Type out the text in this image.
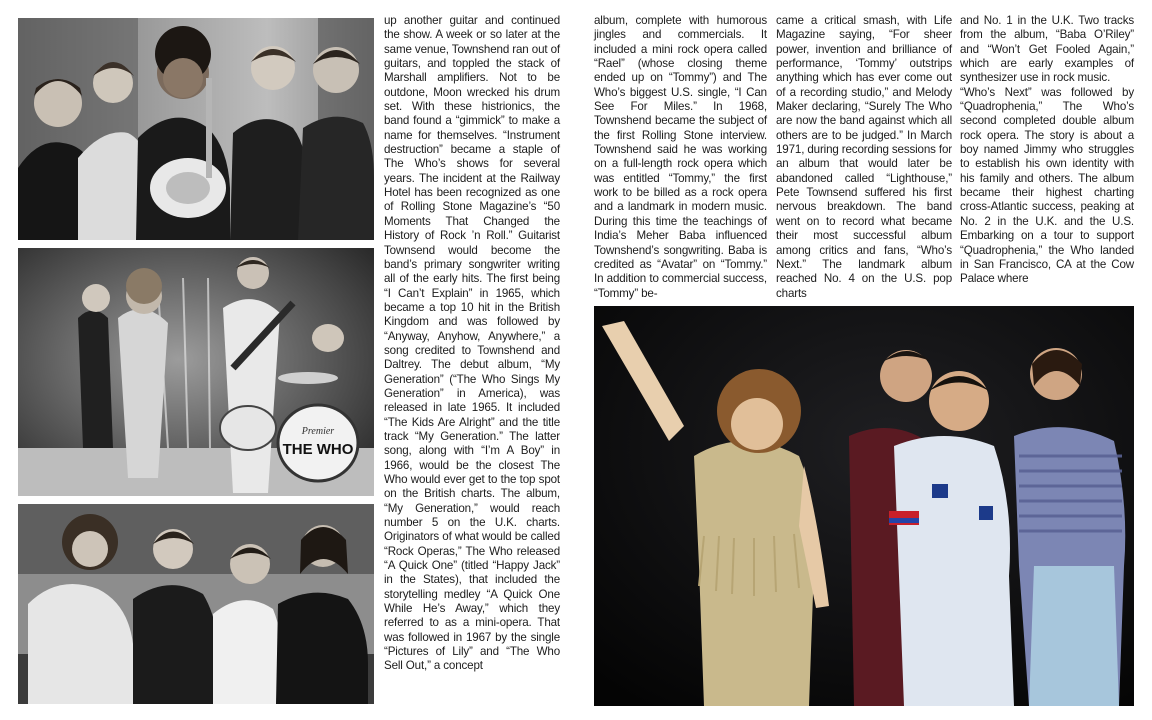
Premier
THE WHO

up another guitar and continued the show. A week or so later at the same venue, Townshend ran out of guitars, and toppled the stack of Marshall amplifiers. Not to be outdone, Moon wrecked his drum set. With these histrionics, the band found a “gimmick” to make a name for themselves. “Instrument destruction” became a staple of The Who’s shows for several years. The incident at the Railway Hotel has been recognized as one of Rolling Stone Magazine’s “50 Moments That Changed the History of Rock ’n Roll.” Guitarist Townsend would become the band’s primary songwriter writing all of the early hits. The first being “I Can’t Explain” in 1965, which became a top 10 hit in the British Kingdom and was followed by “Anyway, Anyhow, Anywhere,” a song credited to Townshend and Daltrey. The debut album, “My Generation” (“The Who Sings My Generation” in America), was released in late 1965. It included “The Kids Are Alright” and the title track “My Generation.” The latter song, along with “I’m A Boy” in 1966, would be the closest The Who would ever get to the top spot on the British charts. The album, “My Generation,” would reach number 5 on the U.K. charts. Originators of what would be called “Rock Operas,” The Who released “A Quick One” (titled “Happy Jack” in the States), that included the storytelling medley “A Quick One While He’s Away,” which they referred to as a mini-opera. That was followed in 1967 by the single “Pictures of Lily” and “The Who Sell Out,” a concept

album, complete with humorous jingles and commercials. It included a mini rock opera called “Rael” (whose closing theme ended up on “Tommy”) and The Who’s biggest U.S. single, “I Can See For Miles.” In 1968, Townshend became the subject of the first Rolling Stone interview. Townshend said he was working on a full-length rock opera which was entitled “Tommy,” the first work to be billed as a rock opera and a landmark in modern music. During this time the teachings of India’s Meher Baba influenced Townshend’s songwriting. Baba is credited as “Avatar” on “Tommy.” In addition to commercial success, “Tommy” be-

came a critical smash, with Life Magazine saying, “For sheer power, invention and brilliance of performance, ‘Tommy’ outstrips anything which has ever come out of a recording studio,” and Melody Maker declaring, “Surely The Who are now the band against which all others are to be judged.” In March 1971, during recording sessions for an album that would later be abandoned called “Lighthouse,” Pete Townsend suffered his first nervous breakdown. The band went on to record what became their most successful album among critics and fans, “Who’s Next.” The landmark album reached No. 4 on the U.S. pop charts

and No. 1 in the U.K. Two tracks from the album, “Baba O’Riley” and “Won’t Get Fooled Again,” which are early examples of synthesizer use in rock music.

“Who’s Next” was followed by “Quadrophenia,” The Who’s second completed double album rock opera. The story is about a boy named Jimmy who struggles to establish his own identity with his family and others. The album became their highest charting cross-Atlantic success, peaking at No. 2 in the U.K. and the U.S. Embarking on a tour to support “Quadrophenia,” the Who landed in San Francisco, CA at the Cow Palace where
